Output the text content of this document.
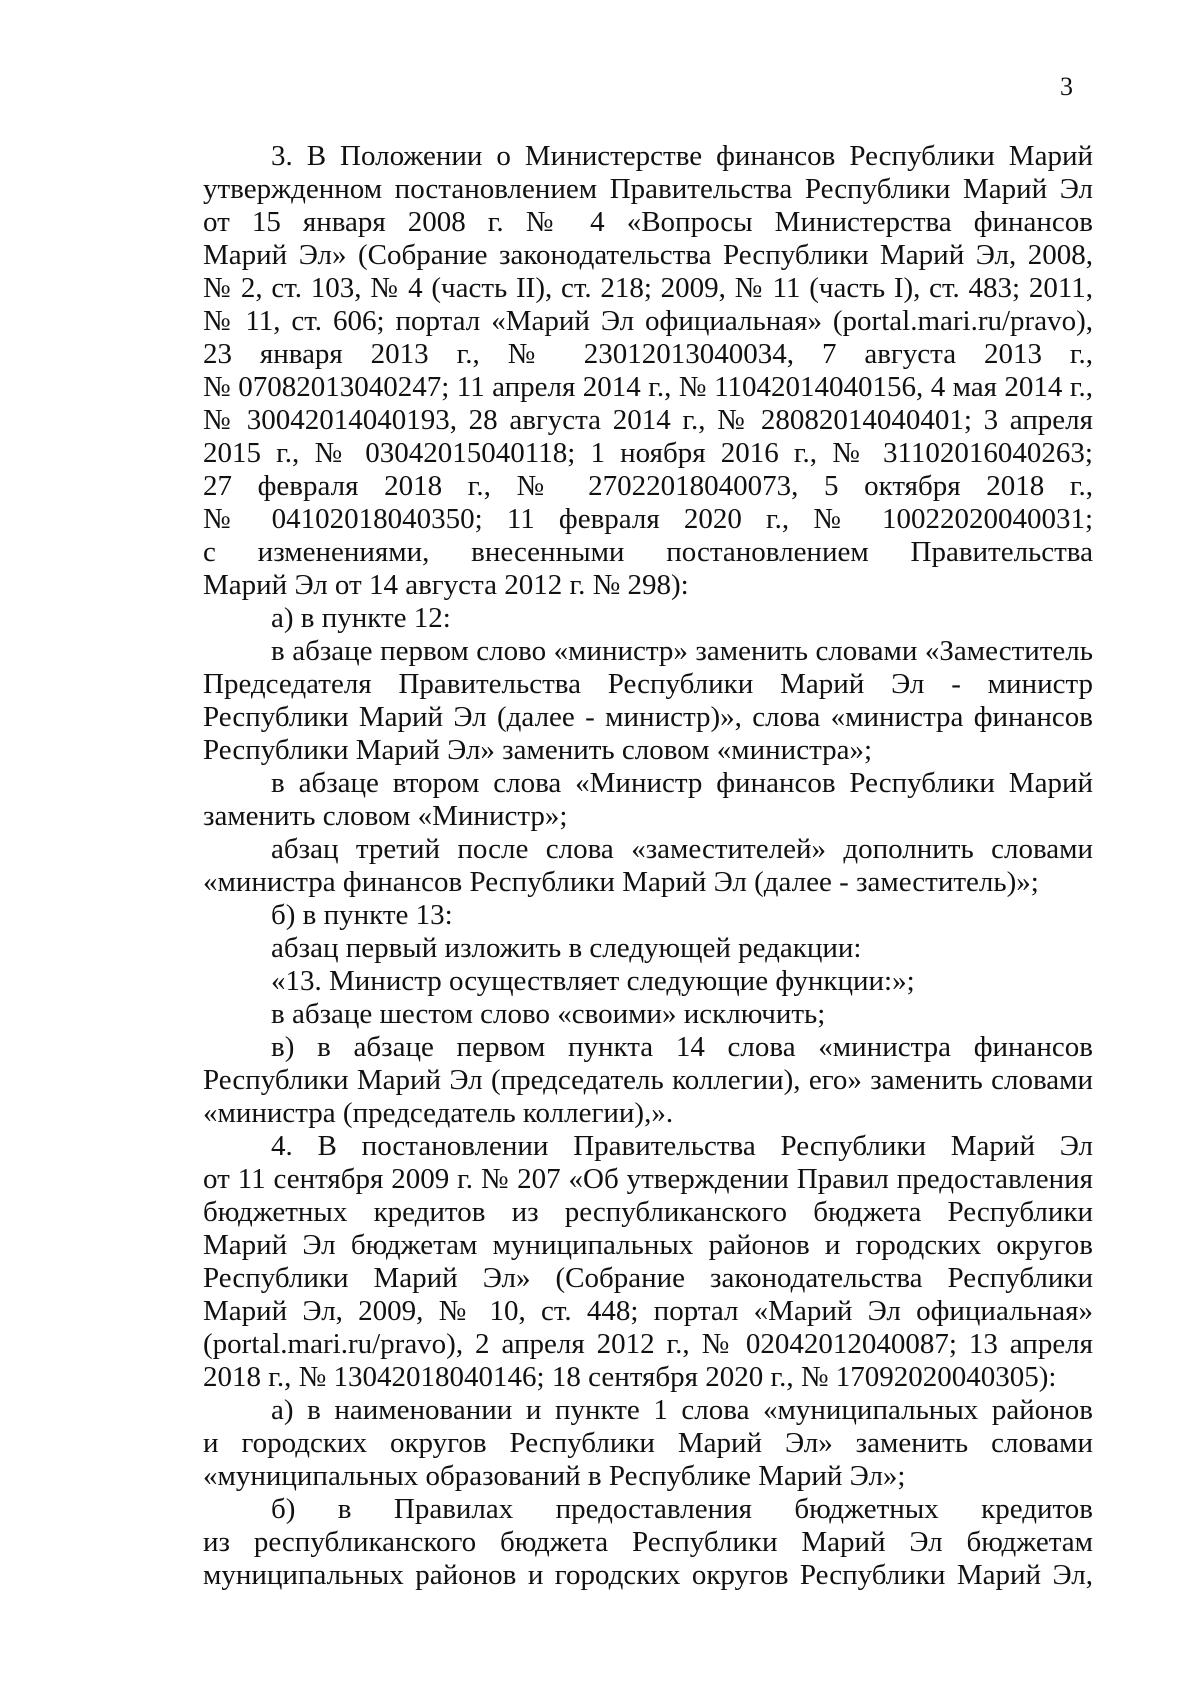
3
3. В Положении о Министерстве финансов Республики Марий
утвержденном постановлением Правительства Республики Марий Эл
от 15 января 2008 г. № 4 «Вопросы Министерства финансов
Марий Эл» (Собрание законодательства Республики Марий Эл, 2008,
№ 2, ст. 103, № 4 (часть II), ст. 218; 2009, № 11 (часть I), ст. 483; 2011,
№ 11, ст. 606; портал «Марий Эл официальная» (portal.mari.ru/pravo),
23 января 2013 г., № 23012013040034, 7 августа 2013 г.,
№ 07082013040247; 11 апреля 2014 г., № 11042014040156, 4 мая 2014 г.,
№ 30042014040193, 28 августа 2014 г., № 28082014040401; 3 апреля
2015 г., № 03042015040118; 1 ноября 2016 г., № 31102016040263;
27 февраля 2018 г., № 27022018040073, 5 октября 2018 г.,
№ 04102018040350; 11 февраля 2020 г., № 10022020040031;
с изменениями, внесенными постановлением Правительства
Марий Эл от 14 августа 2012 г. № 298):
а) в пункте 12:
в абзаце первом слово «министр» заменить словами «Заместитель
Председателя Правительства Республики Марий Эл - министр
Республики Марий Эл (далее - министр)», слова «министра финансов
Республики Марий Эл» заменить словом «министра»;
в абзаце втором слова «Министр финансов Республики Марий
заменить словом «Министр»;
абзац третий после слова «заместителей» дополнить словами
«министра финансов Республики Марий Эл (далее - заместитель)»;
б) в пункте 13:
абзац первый изложить в следующей редакции:
«13. Министр осуществляет следующие функции:»;
в абзаце шестом слово «своими» исключить;
в) в абзаце первом пункта 14 слова «министра финансов
Республики Марий Эл (председатель коллегии), его» заменить словами
«министра (председатель коллегии),».
4. В постановлении Правительства Республики Марий Эл
от 11 сентября 2009 г. № 207 «Об утверждении Правил предоставления
бюджетных кредитов из республиканского бюджета Республики
Марий Эл бюджетам муниципальных районов и городских округов
Республики Марий Эл» (Собрание законодательства Республики
Марий Эл, 2009, № 10, ст. 448; портал «Марий Эл официальная»
(portal.mari.ru/pravo), 2 апреля 2012 г., № 02042012040087; 13 апреля
2018 г., № 13042018040146; 18 сентября 2020 г., № 17092020040305):
а) в наименовании и пункте 1 слова «муниципальных районов
и городских округов Республики Марий Эл» заменить словами
«муниципальных образований в Республике Марий Эл»;
б) в Правилах предоставления бюджетных кредитов
из республиканского бюджета Республики Марий Эл бюджетам
муниципальных районов и городских округов Республики Марий Эл,
